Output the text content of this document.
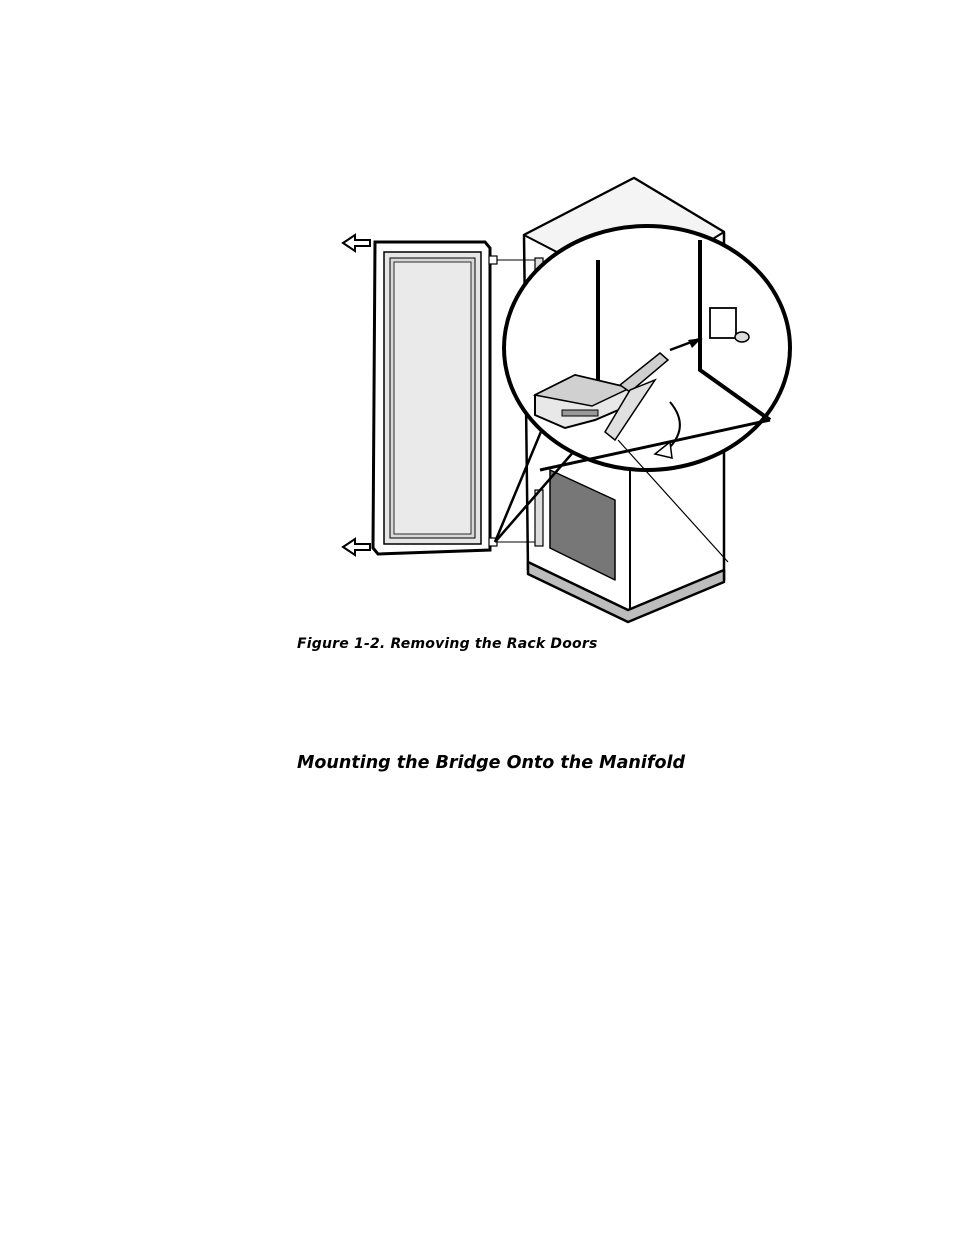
Figure 1-2. Removing the Rack Doors
Mounting the Bridge Onto the Manifold
